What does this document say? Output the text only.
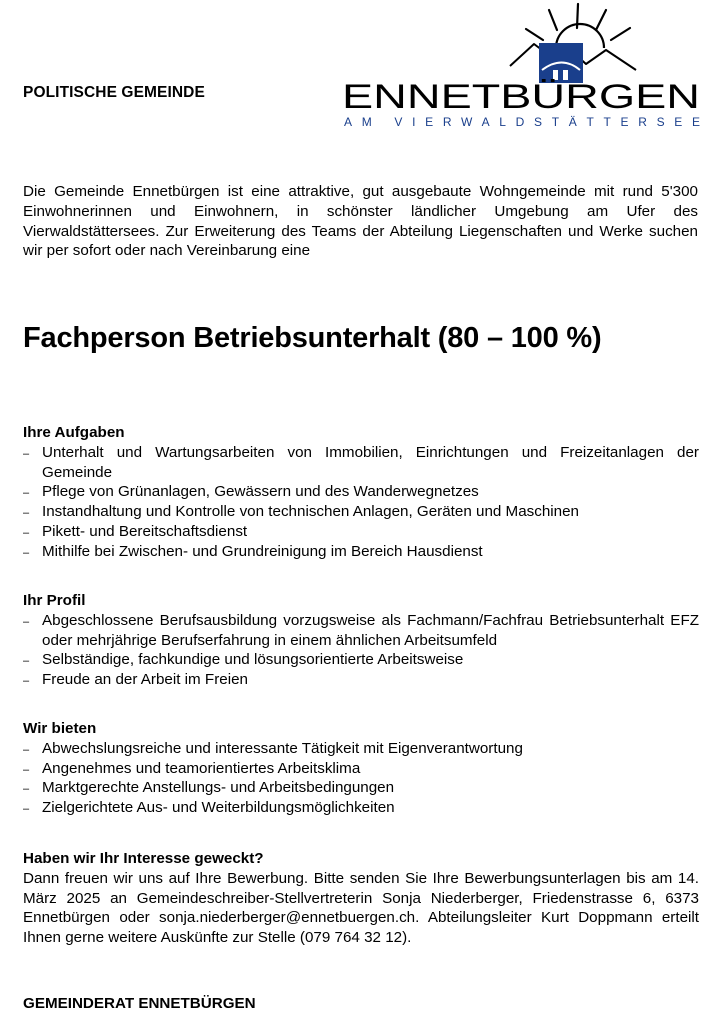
POLITISCHE GEMEINDE	ENNETBÜRGEN
AM VIERWALDSTÄTTERSEE

Die Gemeinde Ennetbürgen ist eine attraktive, gut ausgebaute Wohngemeinde mit rund 5'300 Einwohnerinnen und Einwohnern, in schönster ländlicher Umgebung am Ufer des Vierwaldstättersees. Zur Erweiterung des Teams der Abteilung Liegenschaften und Werke suchen wir per sofort oder nach Vereinbarung eine

Fachperson Betriebsunterhalt (80 – 100 %)
Ihre Aufgaben
– Unterhalt und Wartungsarbeiten von Immobilien, Einrichtungen und Freizeitanlagen der Gemeinde
– Pflege von Grünanlagen, Gewässern und des Wanderwegnetzes
– Instandhaltung und Kontrolle von technischen Anlagen, Geräten und Maschinen
– Pikett- und Bereitschaftsdienst
– Mithilfe bei Zwischen- und Grundreinigung im Bereich Hausdienst
Ihr Profil
– Abgeschlossene Berufsausbildung vorzugsweise als Fachmann/Fachfrau Betriebsunterhalt EFZ oder mehrjährige Berufserfahrung in einem ähnlichen Arbeitsumfeld
– Selbständige, fachkundige und lösungsorientierte Arbeitsweise
– Freude an der Arbeit im Freien
Wir bieten
– Abwechslungsreiche und interessante Tätigkeit mit Eigenverantwortung
– Angenehmes und teamorientiertes Arbeitsklima
– Marktgerechte Anstellungs- und Arbeitsbedingungen
– Zielgerichtete Aus- und Weiterbildungsmöglichkeiten
Haben wir Ihr Interesse geweckt?
Dann freuen wir uns auf Ihre Bewerbung. Bitte senden Sie Ihre Bewerbungsunterlagen bis am 14. März 2025 an Gemeindeschreiber-Stellvertreterin Sonja Niederberger, Friedenstrasse 6, 6373 Ennetbürgen oder sonja.niederberger@ennetbuergen.ch. Abteilungsleiter Kurt Doppmann erteilt Ihnen gerne weitere Auskünfte zur Stelle (079 764 32 12).
GEMEINDERAT ENNETBÜRGEN
